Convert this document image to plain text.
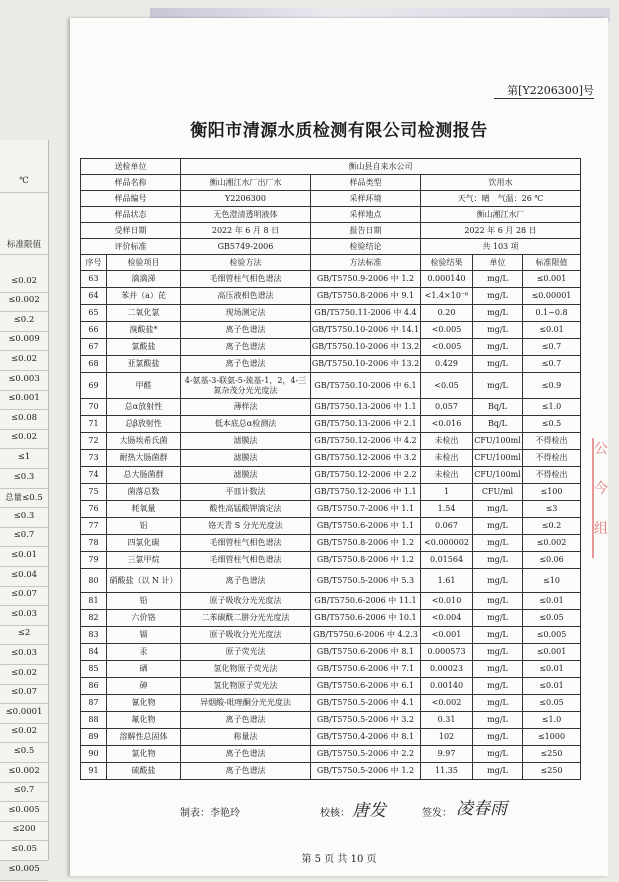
℃
标准限值
≤0.02
≤0.002
≤0.2
≤0.009
≤0.02
≤0.003
≤0.001
≤0.08
≤0.02
≤1
≤0.3
总量≤0.5
≤0.3
≤0.7
≤0.01
≤0.04
≤0.07
≤0.03
≤2
≤0.03
≤0.02
≤0.07
≤0.0001
≤0.02
≤0.5
≤0.002
≤0.7
≤0.005
≤200
≤0.05
≤0.005
第[Y2206300]号
衡阳市清源水质检测有限公司检测报告
送检单位		衡山县自来水公司				
样品名称		衡山湘江水厂出厂水	样品类型	饮用水		
样品编号		Y2206300	采样环境	天气：晴　气温：26 ℃		
样品状态		无色澄清透明液体	采样地点	衡山湘江水厂		
受样日期		2022 年 6 月 8 日	报告日期	2022 年 6 月 28 日		
评价标准		GB5749-2006	检验结论	共 103 项		
序号	检验项目	检验方法	方法标准	检验结果	单位	标准限值
63	滴滴涕	毛细管柱气相色谱法	GB/T5750.9-2006 中 1.2	0.000140	mg/L	≤0.001
64	苯并（a）芘	高压液相色谱法	GB/T5750.8-2006 中 9.1	<1.4×10⁻⁶	mg/L	≤0.00001
65	二氧化氯	现场测定法	GB/T5750.11-2006 中 4.4	0.20	mg/L	0.1~0.8
66	溴酸盐*	离子色谱法	GB/T5750.10-2006 中 14.1	<0.005	mg/L	≤0.01
67	氯酸盐	离子色谱法	GB/T5750.10-2006 中 13.2	<0.005	mg/L	≤0.7
68	亚氯酸盐	离子色谱法	GB/T5750.10-2006 中 13.2	0.429	mg/L	≤0.7
69	甲醛	4-氨基-3-联氨-5-巯基-1，2，4-三氮杂茂分光光度法	GB/T5750.10-2006 中 6.1	<0.05	mg/L	≤0.9
70	总α放射性	薄样法	GB/T5750.13-2006 中 1.1	0.057	Bq/L	≤1.0
71	总β放射性	低本底总α检测法	GB/T5750.13-2006 中 2.1	<0.016	Bq/L	≤0.5
72	大肠埃希氏菌	滤膜法	GB/T5750.12-2006 中 4.2	未检出	CFU/100ml	不得检出
73	耐热大肠菌群	滤膜法	GB/T5750.12-2006 中 3.2	未检出	CFU/100ml	不得检出
74	总大肠菌群	滤膜法	GB/T5750.12-2006 中 2.2	未检出	CFU/100ml	不得检出
75	菌落总数	平皿计数法	GB/T5750.12-2006 中 1.1	1	CFU/ml	≤100
76	耗氧量	酸性高锰酸钾滴定法	GB/T5750.7-2006 中 1.1	1.54	mg/L	≤3
77	铝	铬天青 S 分光光度法	GB/T5750.6-2006 中 1.1	0.067	mg/L	≤0.2
78	四氯化碳	毛细管柱气相色谱法	GB/T5750.8-2006 中 1.2	<0.000002	mg/L	≤0.002
79	三氯甲烷	毛细管柱气相色谱法	GB/T5750.8-2006 中 1.2	0.01564	mg/L	≤0.06
80	硝酸盐（以 N 计）	离子色谱法	GB/T5750.5-2006 中 5.3	1.61	mg/L	≤10
81	铅	原子吸收分光光度法	GB/T5750.6-2006 中 11.1	<0.010	mg/L	≤0.01
82	六价铬	二苯碳酰二肼分光光度法	GB/T5750.6-2006 中 10.1	<0.004	mg/L	≤0.05
83	镉	原子吸收分光光度法	GB/T5750.6-2006 中 4.2.3	<0.001	mg/L	≤0.005
84	汞	原子荧光法	GB/T5750.6-2006 中 8.1	0.000573	mg/L	≤0.001
85	硒	氢化物原子荧光法	GB/T5750.6-2006 中 7.1	0.00023	mg/L	≤0.01
86	砷	氢化物原子荧光法	GB/T5750.6-2006 中 6.1	0.00140	mg/L	≤0.01
87	氰化物	异烟酸-吡唑酮分光光度法	GB/T5750.5-2006 中 4.1	<0.002	mg/L	≤0.05
88	氟化物	离子色谱法	GB/T5750.5-2006 中 3.2	0.31	mg/L	≤1.0
89	溶解性总固体	称量法	GB/T5750.4-2006 中 8.1	102	mg/L	≤1000
90	氯化物	离子色谱法	GB/T5750.5-2006 中 2.2	9.97	mg/L	≤250
91	硫酸盐	离子色谱法	GB/T5750.5-2006 中 1.2	11.35	mg/L	≤250
制表：李艳玲	校核： 唐发	签发： 凌春雨
第 5 页 共 10 页
公
今
组
